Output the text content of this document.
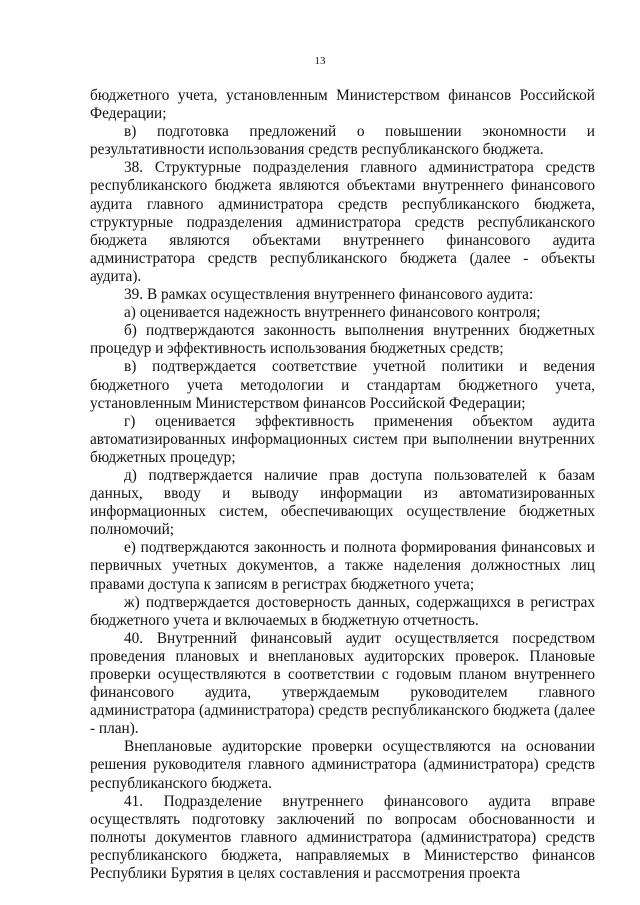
13

бюджетного учета, установленным Министерством финансов Российской Федерации;

в) подготовка предложений о повышении экономности и результативности использования средств республиканского бюджета.

38. Структурные подразделения главного администратора средств республиканского бюджета являются объектами внутреннего финансового аудита главного администратора средств республиканского бюджета, структурные подразделения администратора средств республиканского бюджета являются объектами внутреннего финансового аудита администратора средств республиканского бюджета (далее - объекты аудита).

39. В рамках осуществления внутреннего финансового аудита:

а) оценивается надежность внутреннего финансового контроля;

б) подтверждаются законность выполнения внутренних бюджетных процедур и эффективность использования бюджетных средств;

в) подтверждается соответствие учетной политики и ведения бюджетного учета методологии и стандартам бюджетного учета, установленным Министерством финансов Российской Федерации;

г) оценивается эффективность применения объектом аудита автоматизированных информационных систем при выполнении внутренних бюджетных процедур;

д) подтверждается наличие прав доступа пользователей к базам данных, вводу и выводу информации из автоматизированных информационных систем, обеспечивающих осуществление бюджетных полномочий;

е) подтверждаются законность и полнота формирования финансовых и первичных учетных документов, а также наделения должностных лиц правами доступа к записям в регистрах бюджетного учета;

ж) подтверждается достоверность данных, содержащихся в регистрах бюджетного учета и включаемых в бюджетную отчетность.

40. Внутренний финансовый аудит осуществляется посредством проведения плановых и внеплановых аудиторских проверок. Плановые проверки осуществляются в соответствии с годовым планом внутреннего финансового аудита, утверждаемым руководителем главного администратора (администратора) средств республиканского бюджета (далее - план).

Внеплановые аудиторские проверки осуществляются на основании решения руководителя главного администратора (администратора) средств республиканского бюджета.

41. Подразделение внутреннего финансового аудита вправе осуществлять подготовку заключений по вопросам обоснованности и полноты документов главного администратора (администратора) средств республиканского бюджета, направляемых в Министерство финансов Республики Бурятия в целях составления и рассмотрения проекта
